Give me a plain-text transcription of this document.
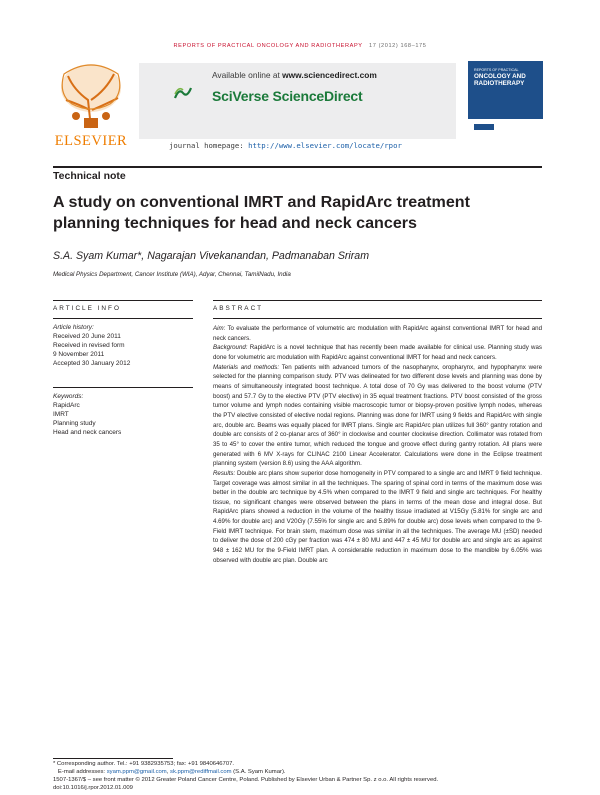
REPORTS OF PRACTICAL ONCOLOGY AND RADIOTHERAPY 17 (2012) 168–175
ELSEVIER
Available online at www.sciencedirect.com
SciVerse ScienceDirect
journal homepage: http://www.elsevier.com/locate/rpor
REPORTS OF PRACTICAL
ONCOLOGY AND
RADIOTHERAPY
Technical note
A study on conventional IMRT and RapidArc treatment planning techniques for head and neck cancers
S.A. Syam Kumar*, Nagarajan Vivekanandan, Padmanaban Sriram
Medical Physics Department, Cancer Institute (WIA), Adyar, Chennai, TamilNadu, India
ARTICLE INFO	ABSTRACT
Article history:
Received 20 June 2011
Received in revised form
9 November 2011
Accepted 30 January 2012
Keywords:
RapidArc
IMRT
Planning study
Head and neck cancers

Aim: To evaluate the performance of volumetric arc modulation with RapidArc against conventional IMRT for head and neck cancers.

Background: RapidArc is a novel technique that has recently been made available for clinical use. Planning study was done for volumetric arc modulation with RapidArc against conventional IMRT for head and neck cancers.

Materials and methods: Ten patients with advanced tumors of the nasopharynx, oropharynx, and hypopharynx were selected for the planning comparison study. PTV was delineated for two different dose levels and planning was done by means of simultaneously integrated boost technique. A total dose of 70 Gy was delivered to the boost volume (PTV boost) and 57.7 Gy to the elective PTV (PTV elective) in 35 equal treatment fractions. PTV boost consisted of the gross tumor volume and lymph nodes containing visible macroscopic tumor or biopsy-proven positive lymph nodes, whereas the PTV elective consisted of elective nodal regions. Planning was done for IMRT using 9 fields and RapidArc with single arc, double arc. Beams was equally placed for IMRT plans. Single arc RapidArc plan utilizes full 360° gantry rotation and double arc consists of 2 co-planar arcs of 360° in clockwise and counter clockwise direction. Collimator was rotated from 35 to 45° to cover the entire tumor, which reduced the tongue and groove effect during gantry rotation. All plans were generated with 6 MV X-rays for CLINAC 2100 Linear Accelerator. Calculations were done in the Eclipse treatment planning system (version 8.6) using the AAA algorithm.

Results: Double arc plans show superior dose homogeneity in PTV compared to a single arc and IMRT 9 field technique. Target coverage was almost similar in all the techniques. The sparing of spinal cord in terms of the maximum dose was better in the double arc technique by 4.5% when compared to the IMRT 9 field and single arc techniques. For healthy tissue, no significant changes were observed between the plans in terms of the mean dose and integral dose. But RapidArc plans showed a reduction in the volume of the healthy tissue irradiated at V15Gy (5.81% for single arc and 4.69% for double arc) and V20Gy (7.55% for single arc and 5.89% for double arc) dose levels when compared to the 9-Field IMRT technique. For brain stem, maximum dose was similar in all the techniques. The average MU (±SD) needed to deliver the dose of 200 cGy per fraction was 474 ± 80 MU and 447 ± 45 MU for double arc and single arc as against 948 ± 162 MU for the 9-Field IMRT plan. A considerable reduction in maximum dose to the mandible by 6.05% was observed with double arc plan. Double arc

* Corresponding author. Tel.: +91 9382935753; fax: +91 9840646707.

E-mail addresses: syam.ppm@gmail.com, sk.ppm@rediffmail.com (S.A. Syam Kumar).

1507-1367/$ – see front matter © 2012 Greater Poland Cancer Centre, Poland. Published by Elsevier Urban & Partner Sp. z o.o. All rights reserved.

doi:10.1016/j.rpor.2012.01.009
